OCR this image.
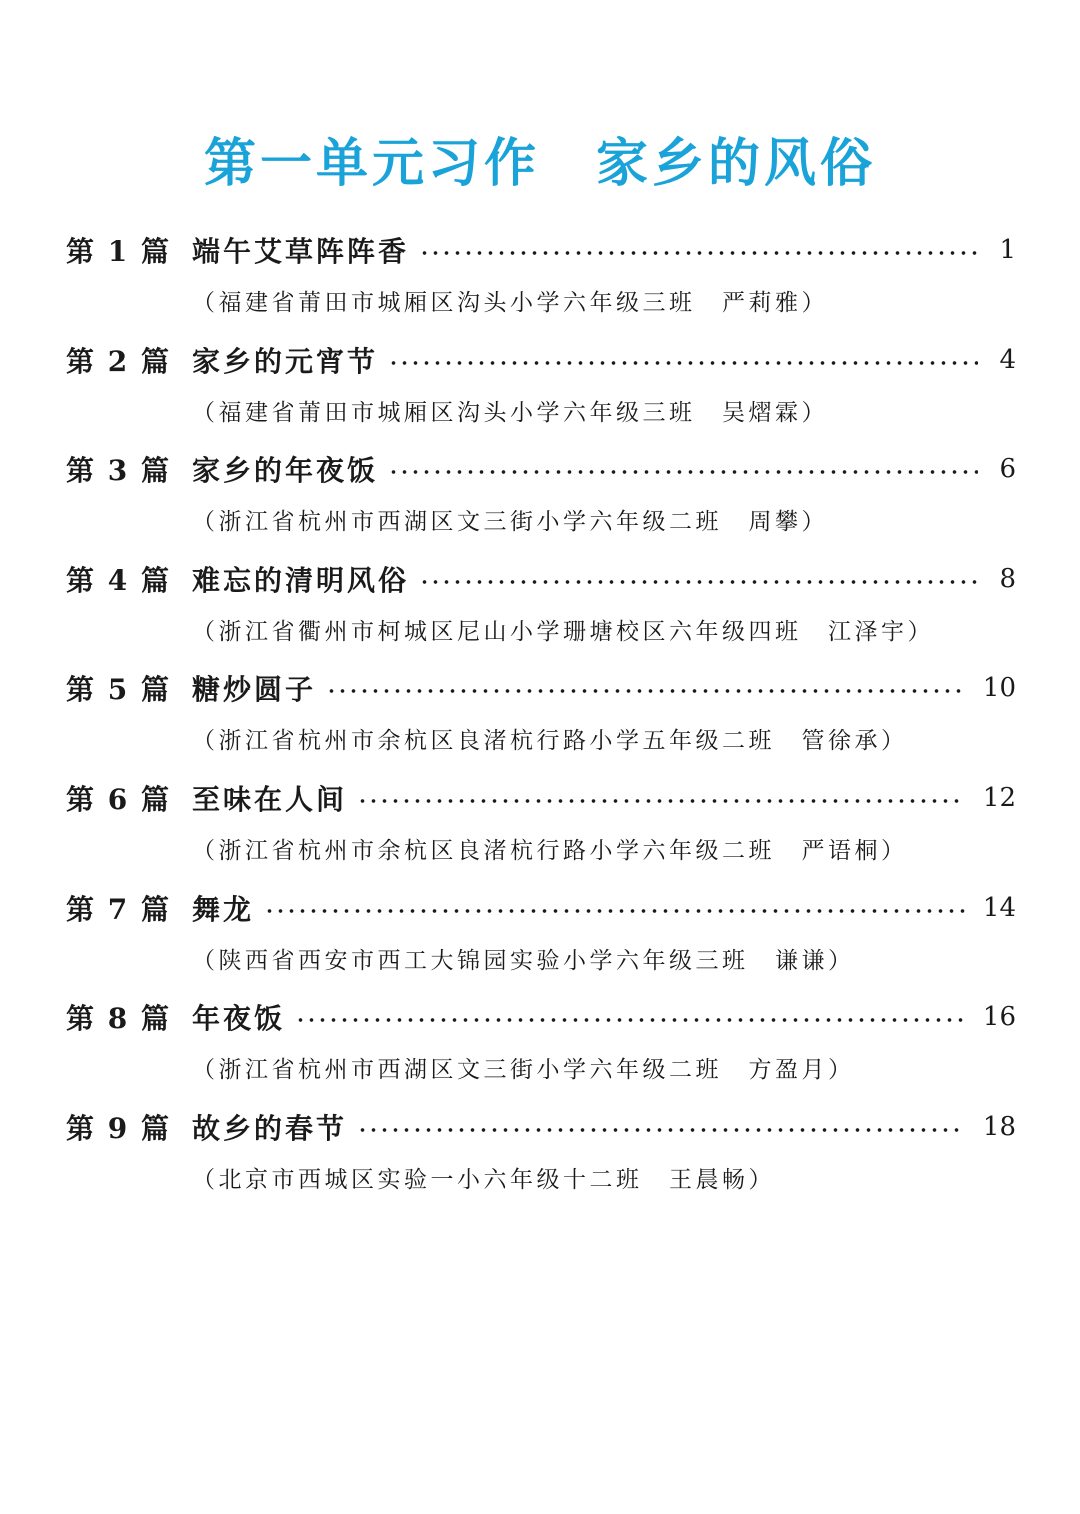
第一单元习作　家乡的风俗
第 1 篇 端午艾草阵阵香	1
（福建省莆田市城厢区沟头小学六年级三班　严莉雅）
第 2 篇 家乡的元宵节	4
（福建省莆田市城厢区沟头小学六年级三班　吴熠霖）
第 3 篇 家乡的年夜饭	6
（浙江省杭州市西湖区文三街小学六年级二班　周攀）
第 4 篇 难忘的清明风俗	8
（浙江省衢州市柯城区尼山小学珊塘校区六年级四班　江泽宇）
第 5 篇 糖炒圆子	10
（浙江省杭州市余杭区良渚杭行路小学五年级二班　管徐承）
第 6 篇 至味在人间	12
（浙江省杭州市余杭区良渚杭行路小学六年级二班　严语桐）
第 7 篇 舞龙	14
（陕西省西安市西工大锦园实验小学六年级三班　谦谦）
第 8 篇 年夜饭	16
（浙江省杭州市西湖区文三街小学六年级二班　方盈月）
第 9 篇 故乡的春节	18
（北京市西城区实验一小六年级十二班　王晨畅）
